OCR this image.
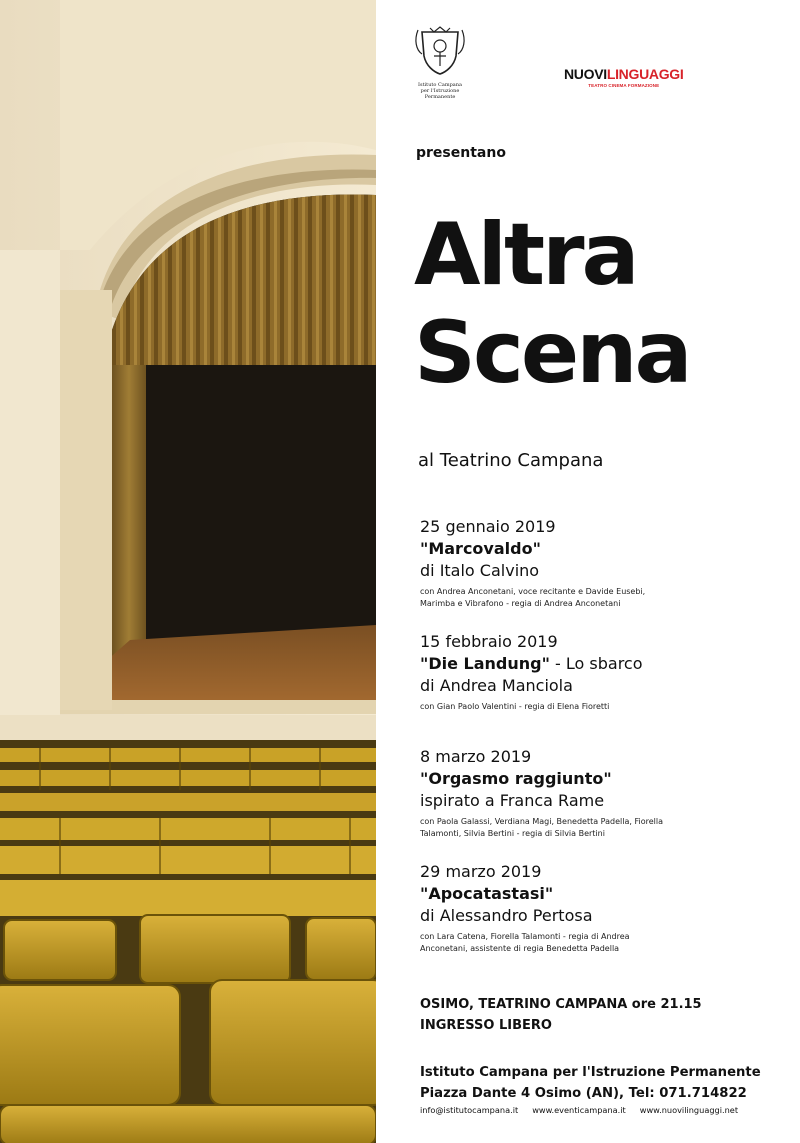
Istituto Campana
per l'Istruzione Permanente
NUOVILINGUAGGI
TEATRO CINEMA FORMAZIONE
presentano
Altra
Scena
al Teatrino Campana
25 gennaio 2019
"Marcovaldo"
di Italo Calvino
con Andrea Anconetani, voce recitante e Davide Eusebi, Marimba e Vibrafono - regia di Andrea Anconetani
15 febbraio 2019
"Die Landung" - Lo sbarco
di Andrea Manciola
con Gian Paolo Valentini - regia di Elena Fioretti
8 marzo 2019
"Orgasmo raggiunto"
ispirato a Franca Rame
con Paola Galassi, Verdiana Magi, Benedetta Padella, Fiorella Talamonti, Silvia Bertini - regia di Silvia Bertini
29 marzo 2019
"Apocatastasi"
di Alessandro Pertosa
con Lara Catena, Fiorella Talamonti - regia di Andrea Anconetani, assistente di regia Benedetta Padella
OSIMO, TEATRINO CAMPANA ore 21.15
INGRESSO LIBERO
Istituto Campana per l'Istruzione Permanente
Piazza Dante 4 Osimo (AN), Tel: 071.714822
info@istitutocampana.it www.eventicampana.it www.nuovilinguaggi.net
